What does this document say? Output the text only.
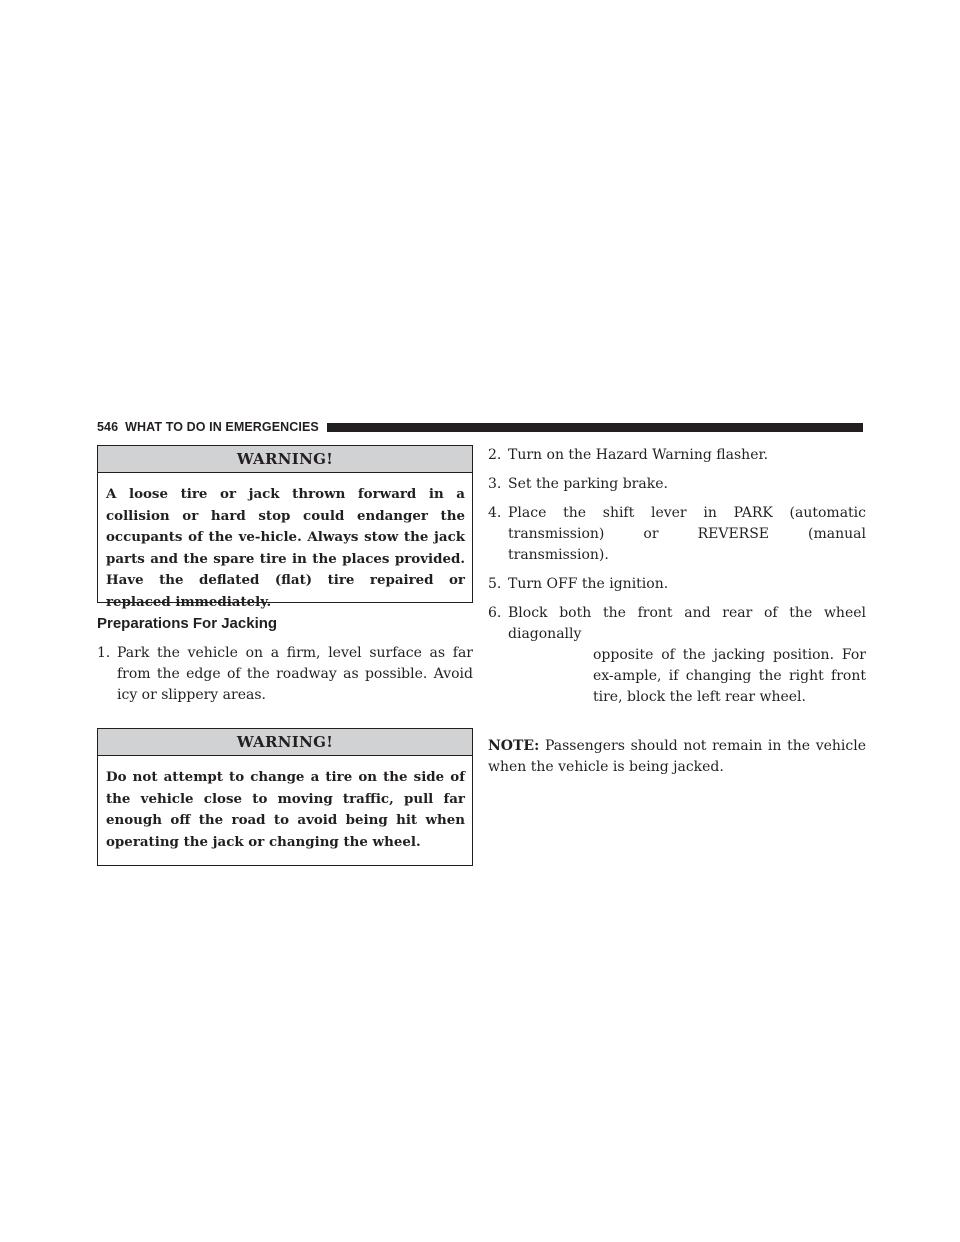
546 WHAT TO DO IN EMERGENCIES
WARNING!
A loose tire or jack thrown forward in a collision or hard stop could endanger the occupants of the ve-hicle. Always stow the jack parts and the spare tire in the places provided. Have the deflated (flat) tire repaired or replaced immediately.
Preparations For Jacking
1. Park the vehicle on a firm, level surface as far from the edge of the roadway as possible. Avoid icy or slippery areas.
WARNING!
Do not attempt to change a tire on the side of the vehicle close to moving traffic, pull far enough off the road to avoid being hit when operating the jack or changing the wheel.
2. Turn on the Hazard Warning flasher.
3. Set the parking brake.
4. Place the shift lever in PARK (automatic transmission) or REVERSE (manual transmission).
5. Turn OFF the ignition.
6. Block both the front and rear of the wheel diagonally
opposite of the jacking position. For ex-ample, if changing the right front tire, block the left rear wheel.
NOTE: Passengers should not remain in the vehicle when the vehicle is being jacked.
